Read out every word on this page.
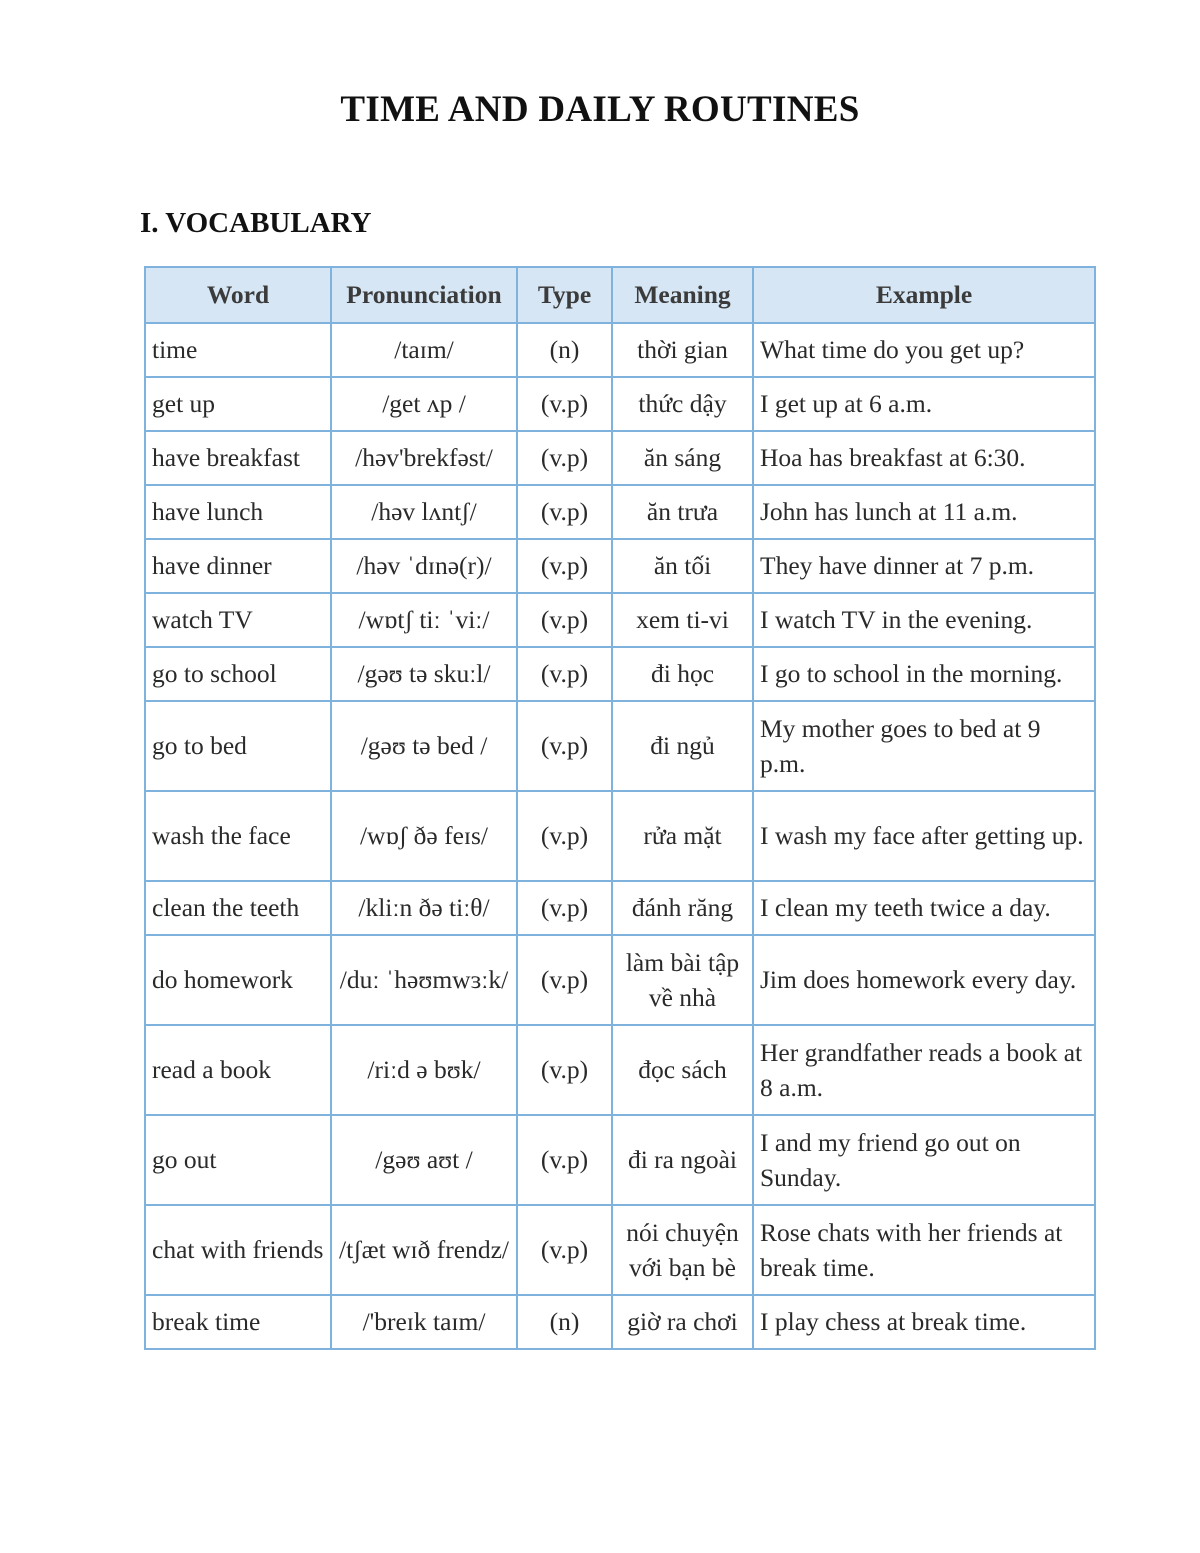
TIME AND DAILY ROUTINES
I. VOCABULARY
Word	Pronunciation	Type	Meaning	Example
time	/taɪm/	(n)	thời gian	What time do you get up?
get up	/get ʌp /	(v.p)	thức dậy	I get up at 6 a.m.
have breakfast	/həv'brekfəst/	(v.p)	ăn sáng	Hoa has breakfast at 6:30.
have lunch	/həv lʌntʃ/	(v.p)	ăn trưa	John has lunch at 11 a.m.
have dinner	/həv ˈdɪnə(r)/	(v.p)	ăn tối	They have dinner at 7 p.m.
watch TV	/wɒtʃ tiː ˈviː/	(v.p)	xem ti-vi	I watch TV in the evening.
go to school	/gəʊ tə skuːl/	(v.p)	đi học	I go to school in the morning.
go to bed	/gəʊ tə bed /	(v.p)	đi ngủ	My mother goes to bed at 9 p.m.
wash the face	/wɒʃ ðə feɪs/	(v.p)	rửa mặt	I wash my face after getting up.
clean the teeth	/kliːn ðə tiːθ/	(v.p)	đánh răng	I clean my teeth twice a day.
do homework	/duː ˈhəʊmwɜːk/	(v.p)	làm bài tập về nhà	Jim does homework every day.
read a book	/riːd ə bʊk/	(v.p)	đọc sách	Her grandfather reads a book at 8 a.m.
go out	/gəʊ aʊt /	(v.p)	đi ra ngoài	I and my friend go out on Sunday.
chat with friends	/tʃæt wɪð frendz/	(v.p)	nói chuyện với bạn bè	Rose chats with her friends at break time.
break time	/'breɪk taɪm/	(n)	giờ ra chơi	I play chess at break time.
